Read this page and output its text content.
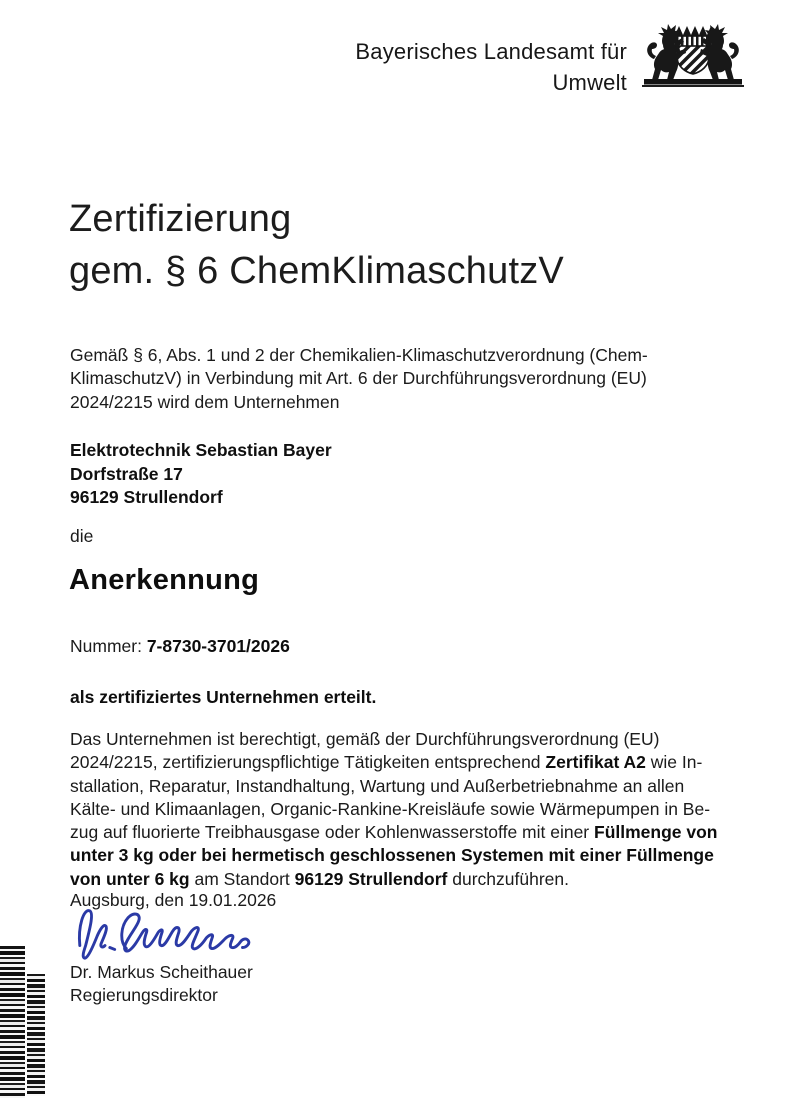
Bayerisches Landesamt für
Umwelt
Zertifizierung
gem. § 6 ChemKlimaschutzV
Gemäß § 6, Abs. 1 und 2 der Chemikalien-Klimaschutzverordnung (Chem-
KlimaschutzV) in Verbindung mit Art. 6 der Durchführungsverordnung (EU)
2024/2215 wird dem Unternehmen
Elektrotechnik Sebastian Bayer
Dorfstraße 17
96129 Strullendorf
die
Anerkennung
Nummer: 7-8730-3701/2026
als zertifiziertes Unternehmen erteilt.
Das Unternehmen ist berechtigt, gemäß der Durchführungsverordnung (EU)
2024/2215, zertifizierungspflichtige Tätigkeiten entsprechend Zertifikat A2 wie In-
stallation, Reparatur, Instandhaltung, Wartung und Außerbetriebnahme an allen
Kälte- und Klimaanlagen, Organic-Rankine-Kreisläufe sowie Wärmepumpen in Be-
zug auf fluorierte Treibhausgase oder Kohlenwasserstoffe mit einer Füllmenge von
unter 3 kg oder bei hermetisch geschlossenen Systemen mit einer Füllmenge
von unter 6 kg am Standort 96129 Strullendorf durchzuführen.
Augsburg, den 19.01.2026
Dr. Markus Scheithauer
Regierungsdirektor
